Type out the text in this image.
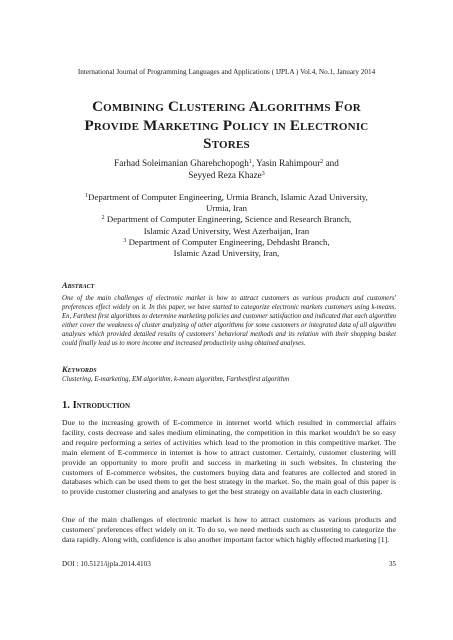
International Journal of Programming Languages and Applications ( IJPLA ) Vol.4, No.1, January 2014
Combining Clustering Algorithms For
Provide Marketing Policy in Electronic
Stores
Farhad Soleimanian Gharehchopogh$^1$, Yasin Rahimpour$^2$ and
Seyyed Reza Khaze$^3$
$^1$Department of Computer Engineering, Urmia Branch, Islamic Azad University,
Urmia, Iran
$^2$ Department of Computer Engineering, Science and Research Branch,
Islamic Azad University, West Azerbaijan, Iran
$^3$ Department of Computer Engineering, Dehdasht Branch,
Islamic Azad University, Iran,
Abstract
One of the main challenges of electronic market is how to attract customers as various products and customers' preferences effect widely on it. In this paper, we have started to categorize electronic markets customers using k-means, En, Farthest first algorithms to determine marketing policies and customer satisfaction and indicated that each algorithm either cover the weakness of cluster analyzing of other algorithms for some customers or integrated data of all algorithm analyses which provided detailed results of customers' behavioral methods and its relation with their shopping basket could finally lead us to more income and increased productivity using obtained analyses.
Keywords
Clustering, E-marketing, EM algorithm, k-mean algorithm, Farthestfirst algorithm
1. Introduction
Due to the increasing growth of E-commerce in internet world which resulted in commercial affairs facility, costs decrease and sales medium eliminating, the competition in this market wouldn't be so easy and require performing a series of activities which lead to the promotion in this competitive market. The main element of E-commerce in internet is how to attract customer. Certainly, customer clustering will provide an opportunity to more profit and success in marketing in such websites. In clustering the customers of E-commerce websites, the customers buying data and features are collected and stored in databases which can be used them to get the best strategy in the market. So, the main goal of this paper is to provide customer clustering and analyses to get the best strategy on available data in each clustering.
One of the main challenges of electronic market is how to attract customers as various products and customers' preferences effect widely on it. To do so, we need methods such as clustering to categorize the data rapidly. Along with, confidence is also another important factor which highly effected marketing [1].
DOI : 10.5121/ijpla.2014.4103	35
